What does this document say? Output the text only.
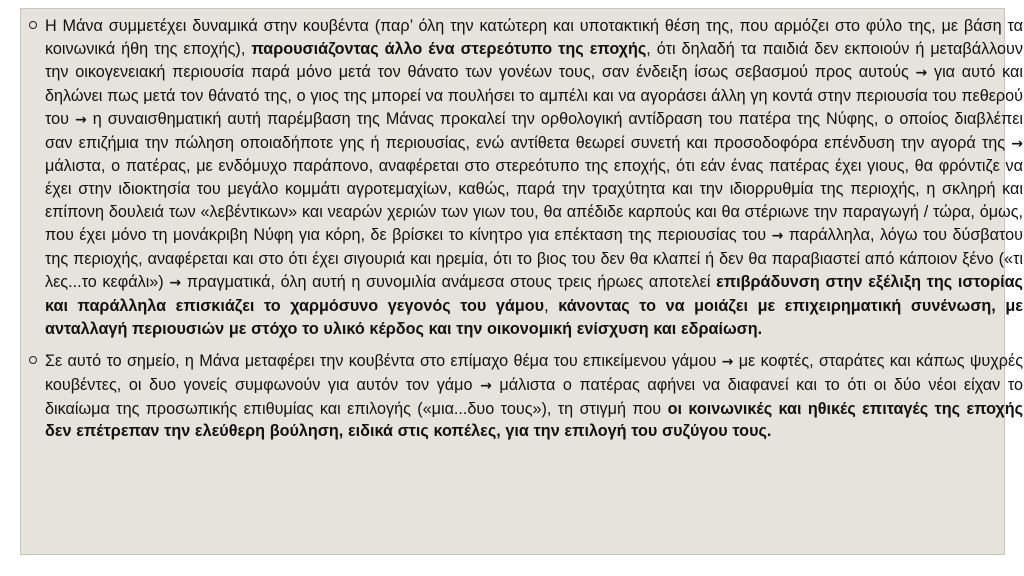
Η Μάνα συμμετέχει δυναμικά στην κουβέντα (παρ’ όλη την κατώτερη και υποτακτική θέση της, που αρμόζει στο φύλο της, με βάση τα κοινωνικά ήθη της εποχής), παρουσιάζοντας άλλο ένα στερεότυπο της εποχής, ότι δηλαδή τα παιδιά δεν εκποιούν ή μεταβάλλουν την οικογενειακή περιουσία παρά μόνο μετά τον θάνατο των γονέων τους, σαν ένδειξη ίσως σεβασμού προς αυτούς → για αυτό και δηλώνει πως μετά τον θάνατό της, ο γιος της μπορεί να πουλήσει το αμπέλι και να αγοράσει άλλη γη κοντά στην περιουσία του πεθερού του → η συναισθηματική αυτή παρέμβαση της Μάνας προκαλεί την ορθολογική αντίδραση του πατέρα της Νύφης, ο οποίος διαβλέπει σαν επιζήμια την πώληση οποιαδήποτε γης ή περιουσίας, ενώ αντίθετα θεωρεί συνετή και προσοδοφόρα επένδυση την αγορά της → μάλιστα, ο πατέρας, με ενδόμυχο παράπονο, αναφέρεται στο στερεότυπο της εποχής, ότι εάν ένας πατέρας έχει γιους, θα φρόντιζε να έχει στην ιδιοκτησία του μεγάλο κομμάτι αγροτεμαχίων, καθώς, παρά την τραχύτητα και την ιδιορρυθμία της περιοχής, η σκληρή και επίπονη δουλειά των «λεβέντικων» και νεαρών χεριών των γιων του, θα απέδιδε καρπούς και θα στέριωνε την παραγωγή / τώρα, όμως, που έχει μόνο τη μονάκριβη Νύφη για κόρη, δε βρίσκει το κίνητρο για επέκταση της περιουσίας του → παράλληλα, λόγω του δύσβατου της περιοχής, αναφέρεται και στο ότι έχει σιγουριά και ηρεμία, ότι το βιος του δεν θα κλαπεί ή δεν θα παραβιαστεί από κάποιον ξένο («τι λες...το κεφάλι») → πραγματικά, όλη αυτή η συνομιλία ανάμεσα στους τρεις ήρωες αποτελεί επιβράδυνση στην εξέλιξη της ιστορίας και παράλληλα επισκιάζει το χαρμόσυνο γεγονός του γάμου, κάνοντας το να μοιάζει με επιχειρηματική συνένωση, με ανταλλαγή περιουσιών με στόχο το υλικό κέρδος και την οικονομική ενίσχυση και εδραίωση.

Σε αυτό το σημείο, η Μάνα μεταφέρει την κουβέντα στο επίμαχο θέμα του επικείμενου γάμου → με κοφτές, σταράτες και κάπως ψυχρές κουβέντες, οι δυο γονείς συμφωνούν για αυτόν τον γάμο → μάλιστα ο πατέρας αφήνει να διαφανεί και το ότι οι δύο νέοι είχαν το δικαίωμα της προσωπικής επιθυμίας και επιλογής («μια...δυο τους»), τη στιγμή που οι κοινωνικές και ηθικές επιταγές της εποχής δεν επέτρεπαν την ελεύθερη βούληση, ειδικά στις κοπέλες, για την επιλογή του συζύγου τους.
